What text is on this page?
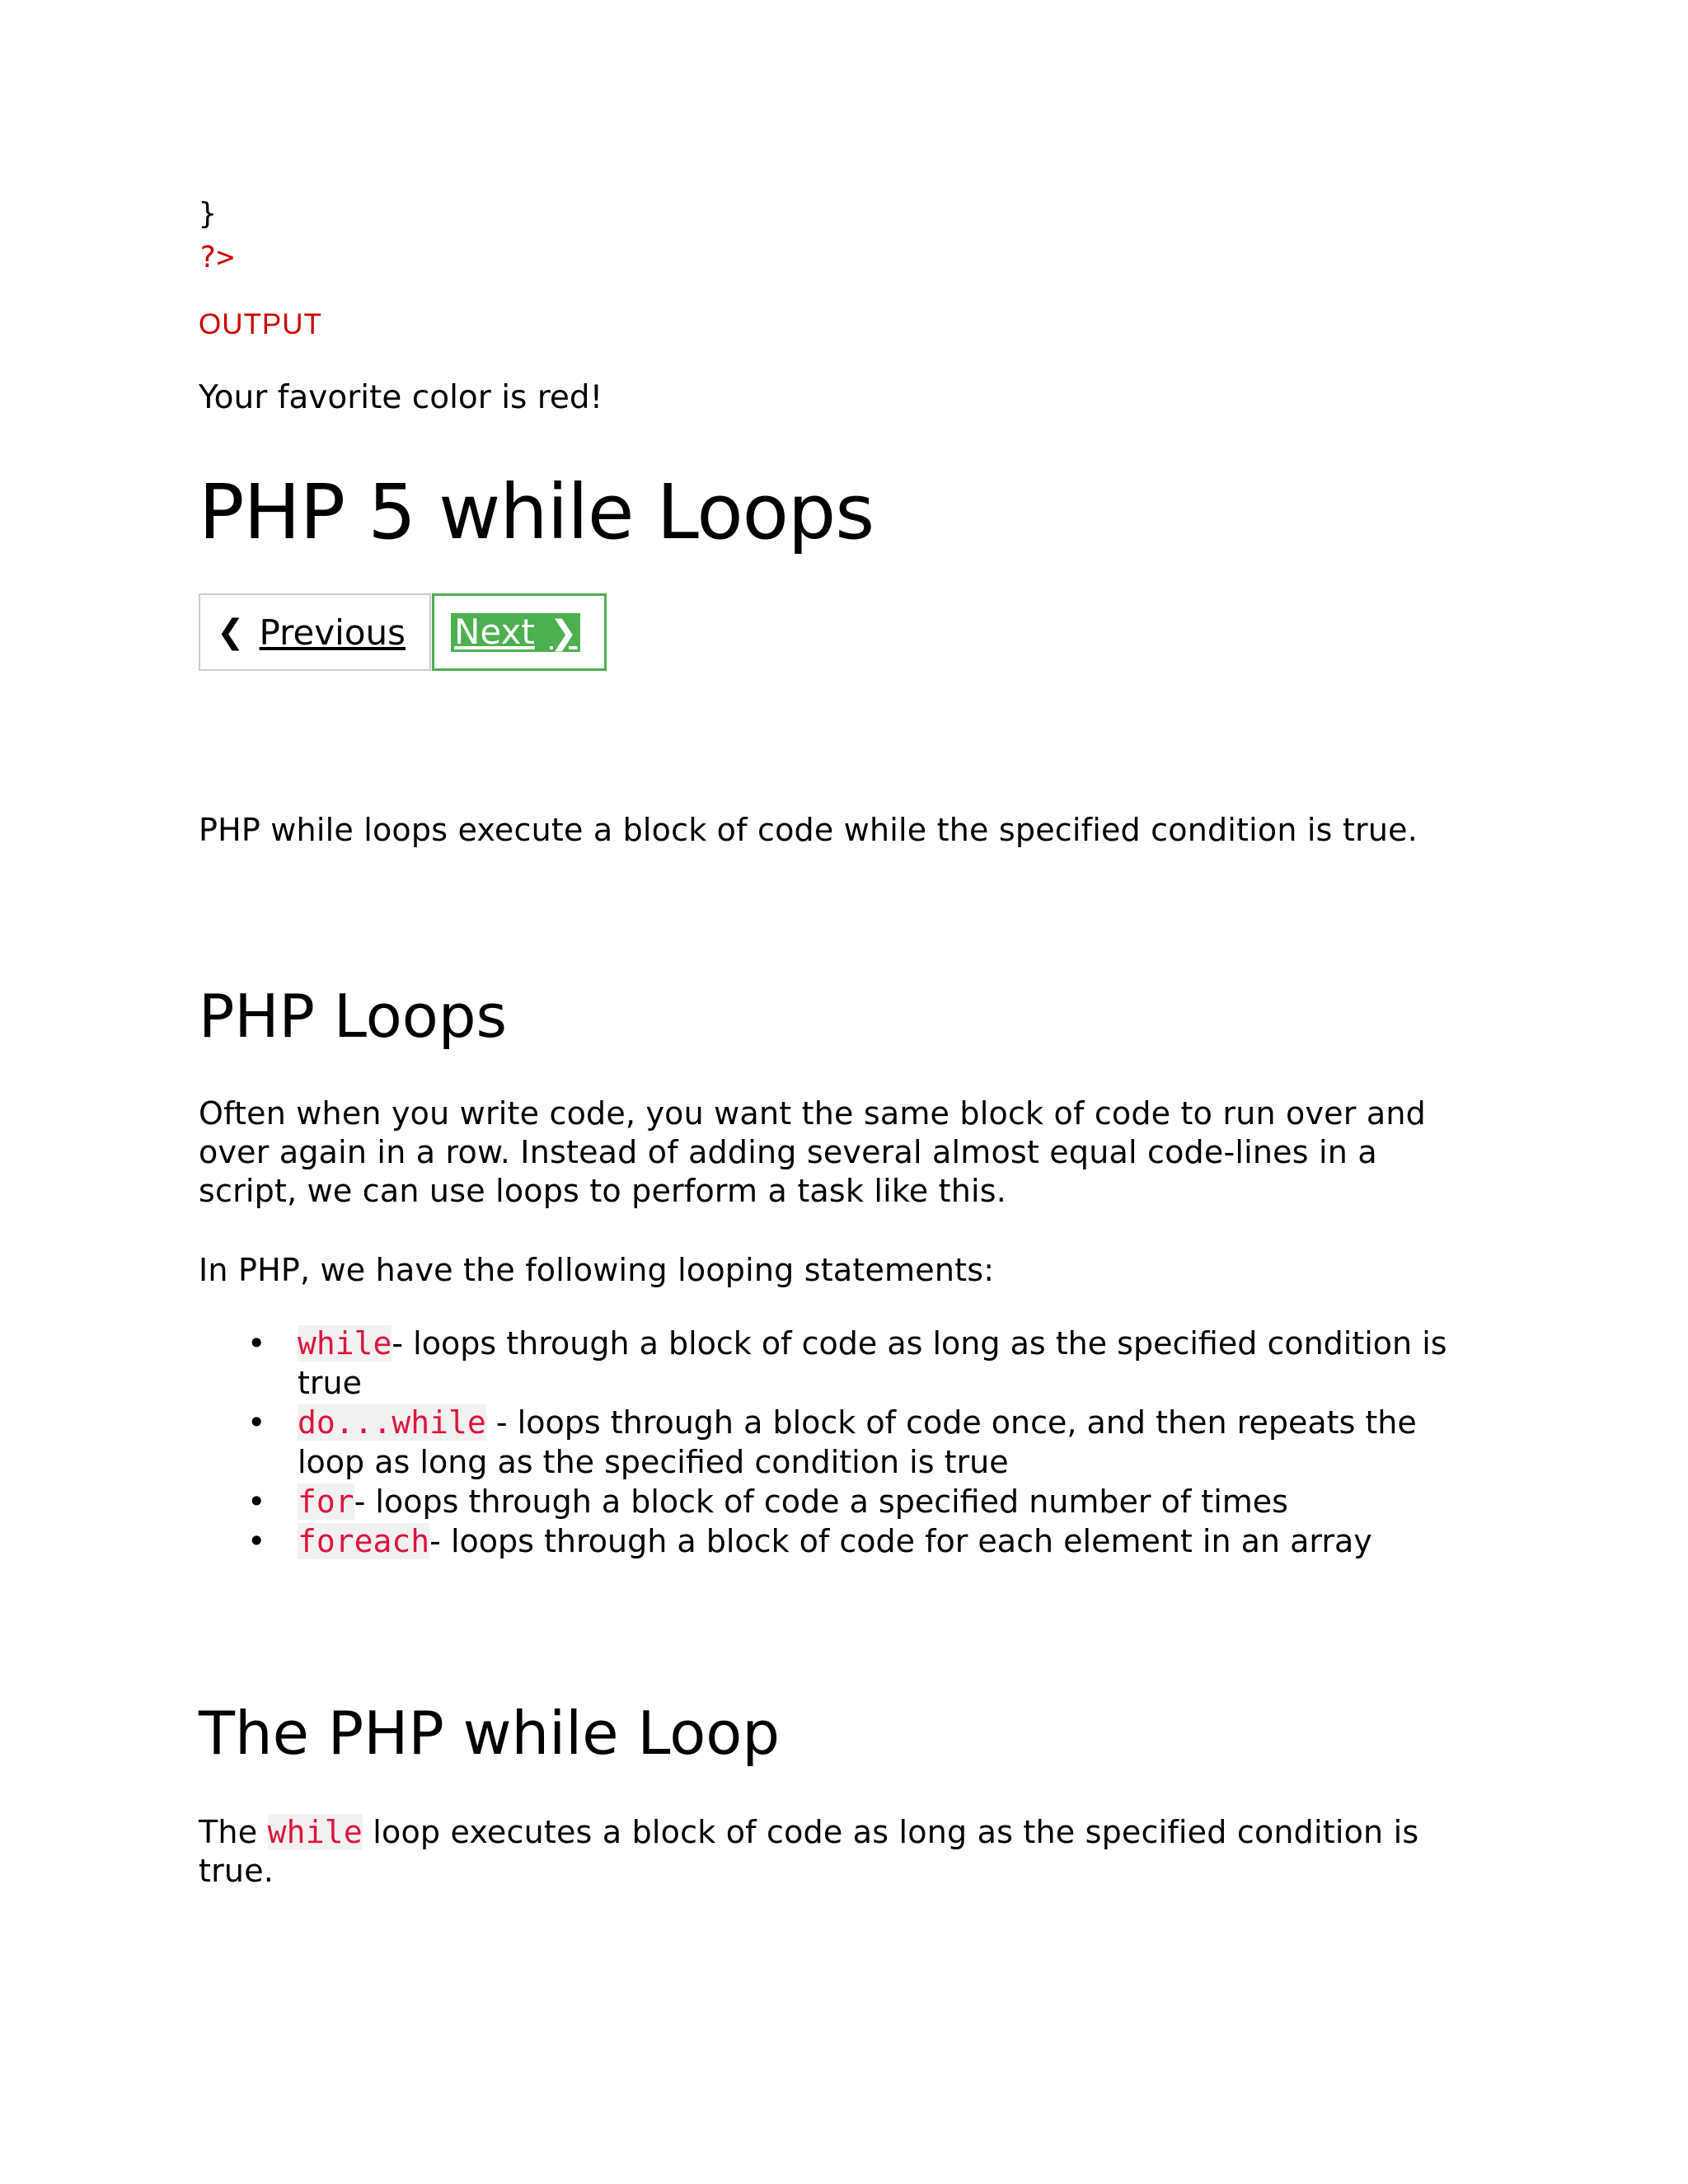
}
?>
OUTPUT
Your favorite color is red!
PHP 5 while Loops
❮ Previous Next ❯
PHP while loops execute a block of code while the specified condition is true.
PHP Loops
Often when you write code, you want the same block of code to run over and
over again in a row. Instead of adding several almost equal code-lines in a
script, we can use loops to perform a task like this.
In PHP, we have the following looping statements:
• while- loops through a block of code as long as the specified condition is
true
• do...while - loops through a block of code once, and then repeats the
loop as long as the specified condition is true
• for- loops through a block of code a specified number of times
• foreach- loops through a block of code for each element in an array
The PHP while Loop
The while loop executes a block of code as long as the specified condition is
true.
